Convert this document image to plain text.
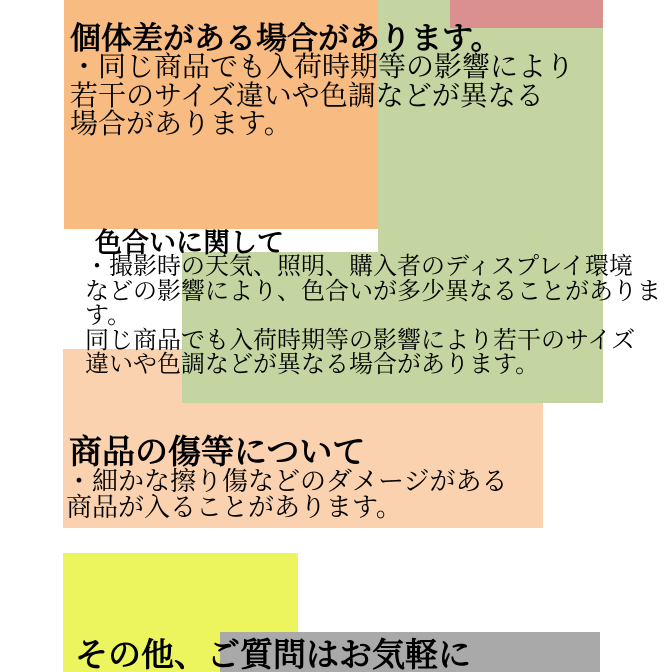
個体差がある場合があります。
・同じ商品でも入荷時期等の影響により
若干のサイズ違いや色調などが異なる
場合があります。
色合いに関して
・撮影時の天気、照明、購入者のディスプレイ環境
などの影響により、色合いが多少異なることがありま
す。
同じ商品でも入荷時期等の影響により若干のサイズ
違いや色調などが異なる場合があります。
商品の傷等について
・細かな擦り傷などのダメージがある
商品が入ることがあります。
その他、ご質問はお気軽に
